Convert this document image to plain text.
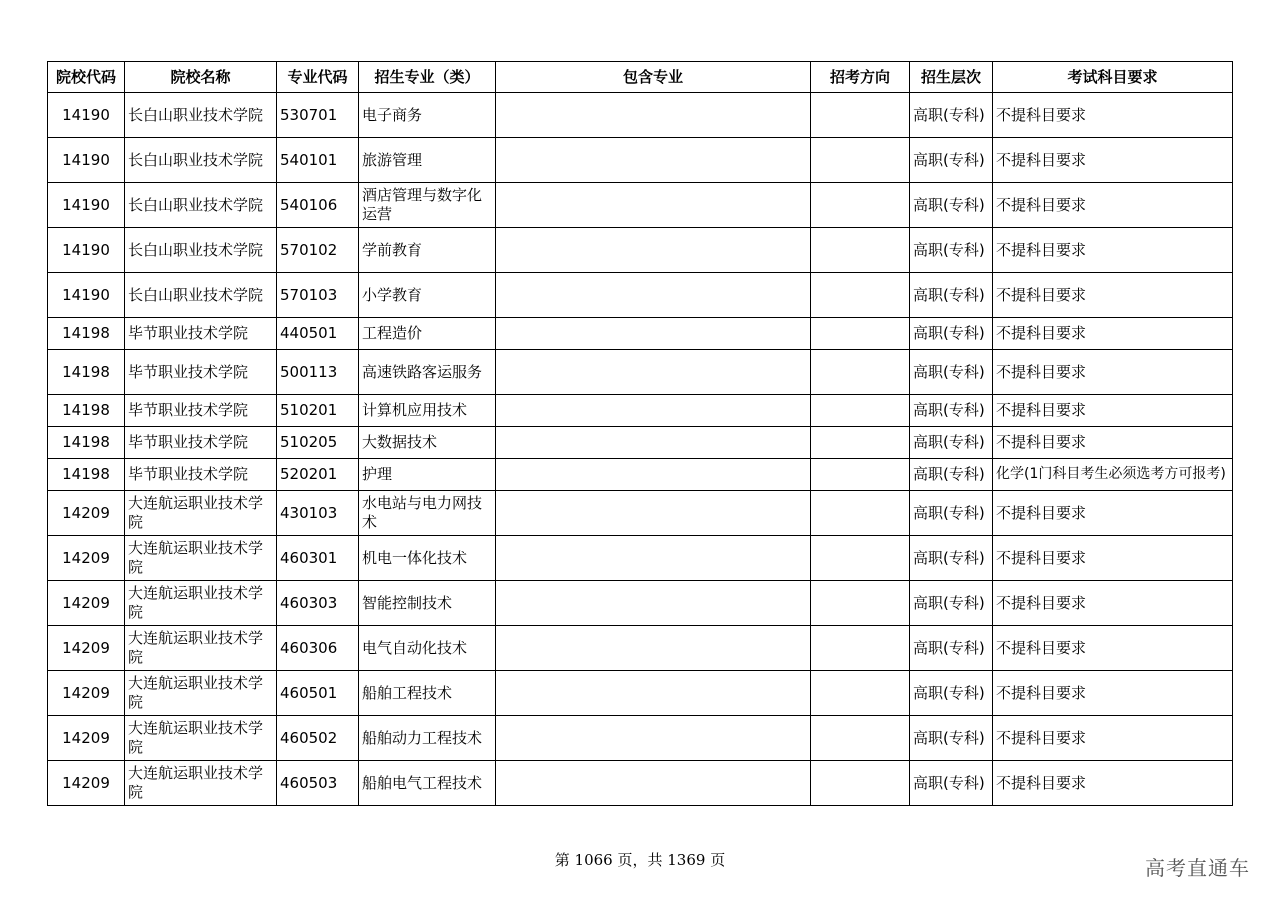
院校代码	院校名称	专业代码	招生专业（类）	包含专业	招考方向	招生层次	考试科目要求
14190	长白山职业技术学院	530701	电子商务			高职(专科)	不提科目要求
14190	长白山职业技术学院	540101	旅游管理			高职(专科)	不提科目要求
14190	长白山职业技术学院	540106	酒店管理与数字化运营			高职(专科)	不提科目要求
14190	长白山职业技术学院	570102	学前教育			高职(专科)	不提科目要求
14190	长白山职业技术学院	570103	小学教育			高职(专科)	不提科目要求
14198	毕节职业技术学院	440501	工程造价			高职(专科)	不提科目要求
14198	毕节职业技术学院	500113	高速铁路客运服务			高职(专科)	不提科目要求
14198	毕节职业技术学院	510201	计算机应用技术			高职(专科)	不提科目要求
14198	毕节职业技术学院	510205	大数据技术			高职(专科)	不提科目要求
14198	毕节职业技术学院	520201	护理			高职(专科)	化学(1门科目考生必须选考方可报考)
14209	大连航运职业技术学院	430103	水电站与电力网技术			高职(专科)	不提科目要求
14209	大连航运职业技术学院	460301	机电一体化技术			高职(专科)	不提科目要求
14209	大连航运职业技术学院	460303	智能控制技术			高职(专科)	不提科目要求
14209	大连航运职业技术学院	460306	电气自动化技术			高职(专科)	不提科目要求
14209	大连航运职业技术学院	460501	船舶工程技术			高职(专科)	不提科目要求
14209	大连航运职业技术学院	460502	船舶动力工程技术			高职(专科)	不提科目要求
14209	大连航运职业技术学院	460503	船舶电气工程技术			高职(专科)	不提科目要求
第 1066 页，共 1369 页	高考直通车
